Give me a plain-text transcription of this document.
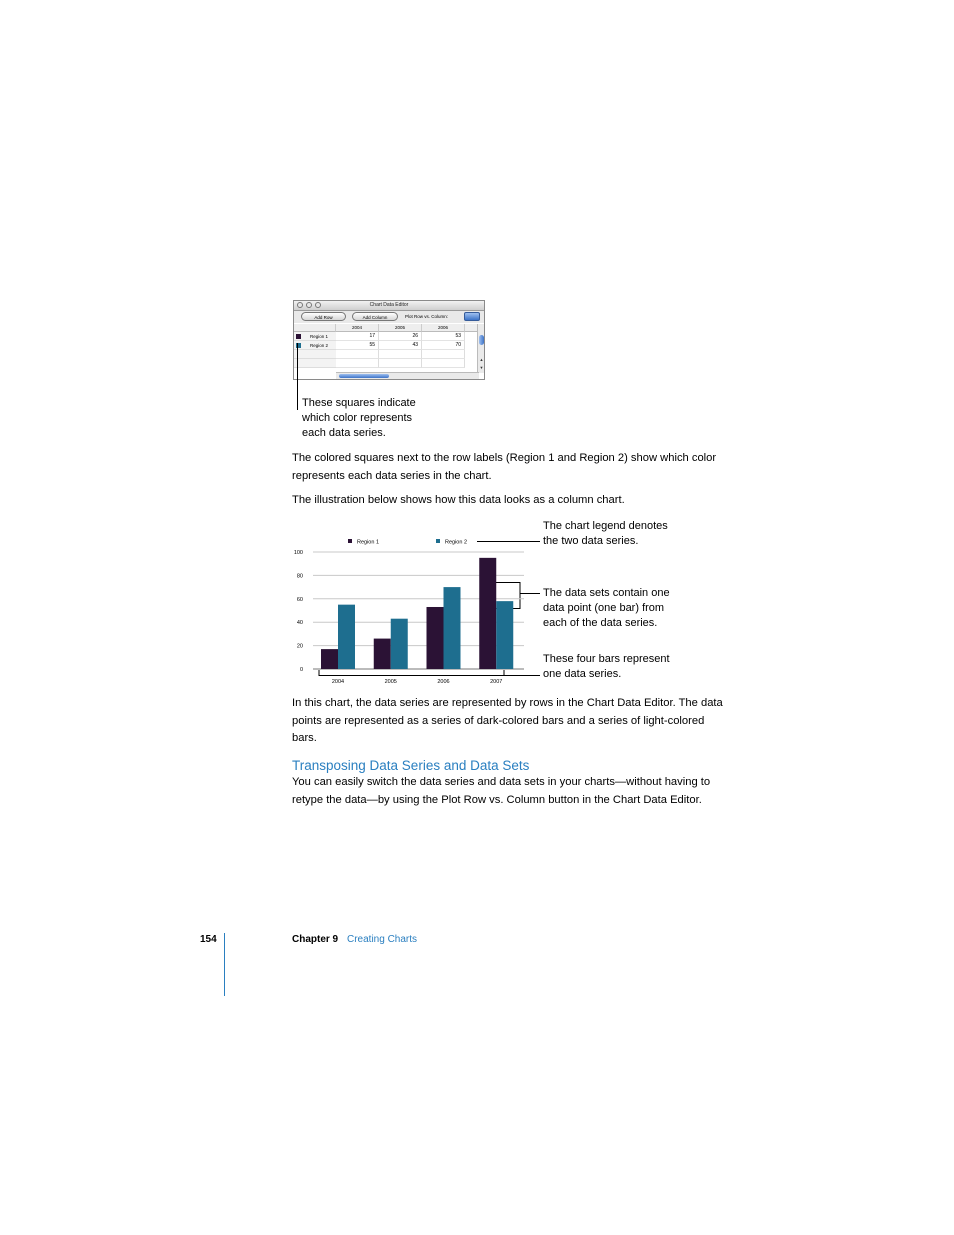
Chart Data Editor
Add Row	Add Column	Plot Row vs. Column:
2004	2005	2006
Region 1	17	26	53
Region 2	55	43	70
▲
▼
These squares indicate
which color represents
each data series.
The colored squares next to the row labels (Region 1 and Region 2) show which color
represents each data series in the chart.
The illustration below shows how this data looks as a column chart.
0
20
40
60
80
100
2004	2005	2006	2007
Region 1	Region 2
The chart legend denotes
the two data series.
The data sets contain one
data point (one bar) from
each of the data series.
These four bars represent
one data series.
In this chart, the data series are represented by rows in the Chart Data Editor. The data
points are represented as a series of dark-colored bars and a series of light-colored
bars.
Transposing Data Series and Data Sets
You can easily switch the data series and data sets in your charts—without having to
retype the data—by using the Plot Row vs. Column button in the Chart Data Editor.
154	Chapter 9 Creating Charts
